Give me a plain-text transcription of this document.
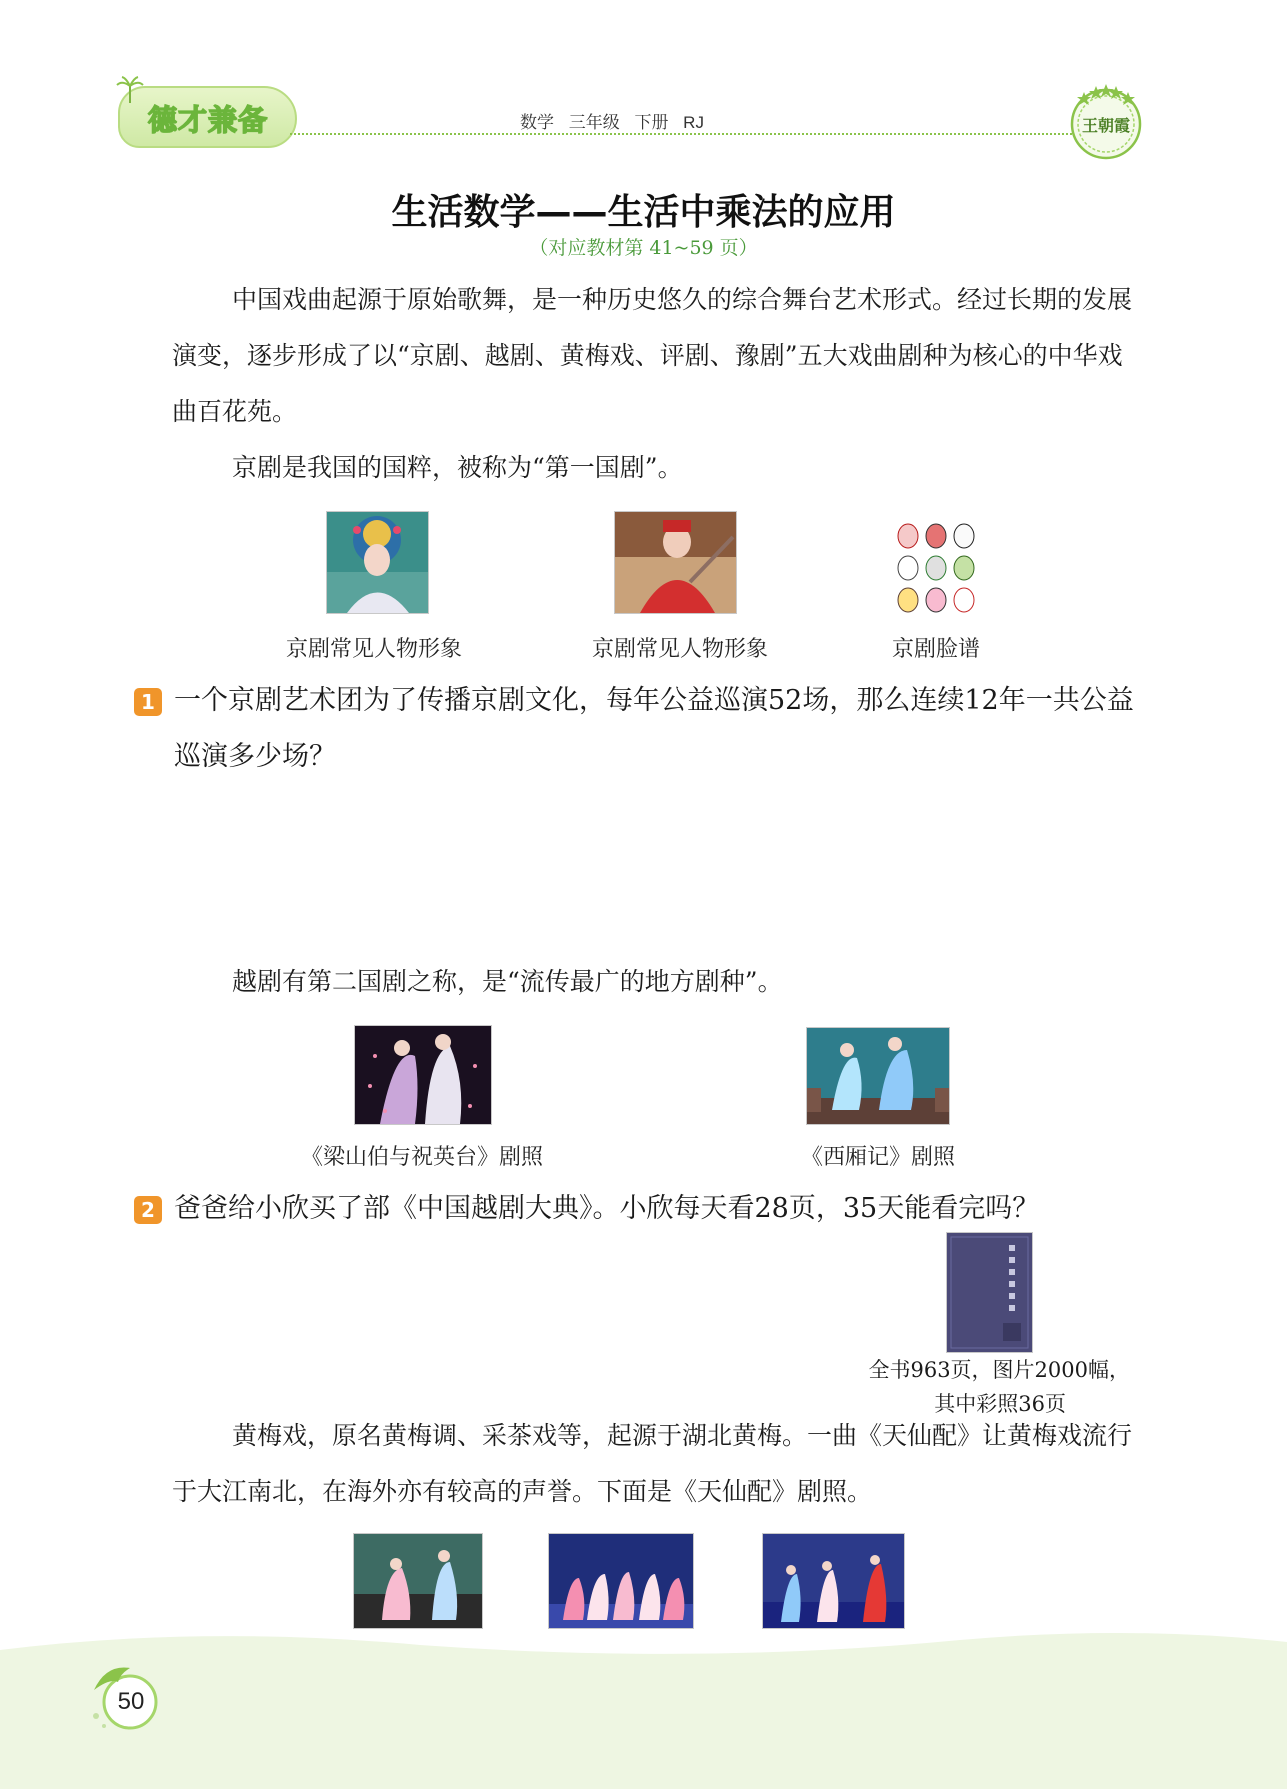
德才兼备	数学 三年级 下册 RJ	王朝霞
生活数学——生活中乘法的应用
（对应教材第 41~59 页）
中国戏曲起源于原始歌舞，是一种历史悠久的综合舞台艺术形式。经过长期的发展演变，逐步形成了以“京剧、越剧、黄梅戏、评剧、豫剧”五大戏曲剧种为核心的中华戏曲百花苑。
京剧是我国的国粹，被称为“第一国剧”。
京剧常见人物形象	京剧常见人物形象	京剧脸谱
1 一个京剧艺术团为了传播京剧文化，每年公益巡演52场，那么连续12年一共公益巡演多少场？
越剧有第二国剧之称，是“流传最广的地方剧种”。
《梁山伯与祝英台》剧照	《西厢记》剧照
2 爸爸给小欣买了部《中国越剧大典》。小欣每天看28页，35天能看完吗？
全书963页，图片2000幅，
其中彩照36页
黄梅戏，原名黄梅调、采茶戏等，起源于湖北黄梅。一曲《天仙配》让黄梅戏流行于大江南北，在海外亦有较高的声誉。下面是《天仙配》剧照。
50
